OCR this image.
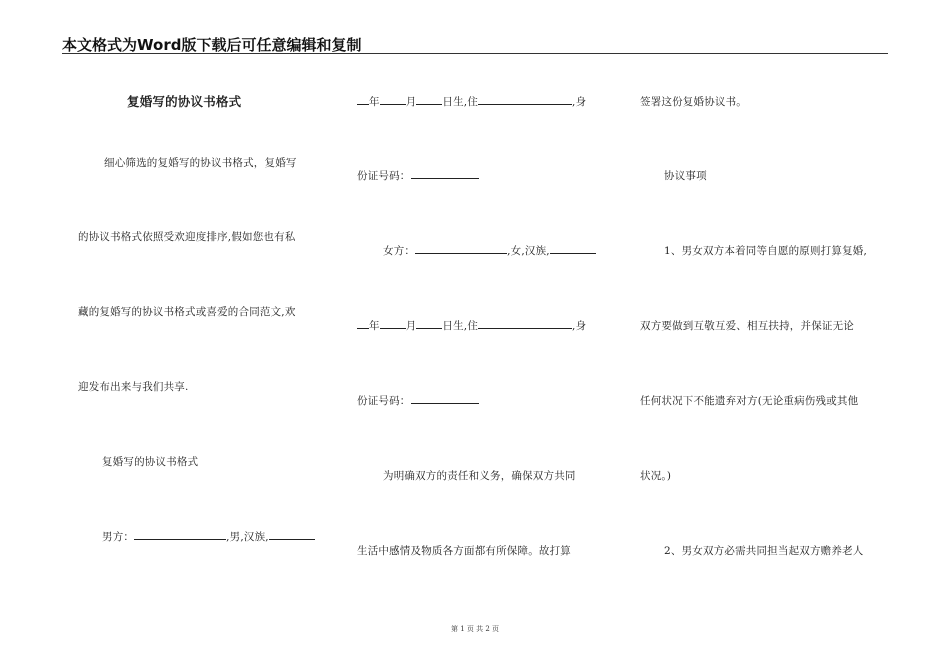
本文格式为Word版下载后可任意编辑和复制
复婚写的协议书格式
细心筛选的复婚写的协议书格式，复婚写
的协议书格式依照受欢迎度排序,假如您也有私
藏的复婚写的协议书格式或喜爱的合同范文,欢
迎发布出来与我们共享.
复婚写的协议书格式
男方：	,男,汉族,
年 月 日生,住	,身
份证号码：
女方：	,女,汉族,
年 月 日生,住	,身
份证号码：
为明确双方的责任和义务，确保双方共同
生活中感情及物质各方面都有所保障。故打算
签署这份复婚协议书。
协议事项
1、男女双方本着同等自愿的原则打算复婚,
双方要做到互敬互爱、相互扶持，并保证无论
任何状况下不能遗弃对方(无论重病伤残或其他
状况。)
2、男女双方必需共同担当起双方赡养老人
第 1 页 共 2 页
